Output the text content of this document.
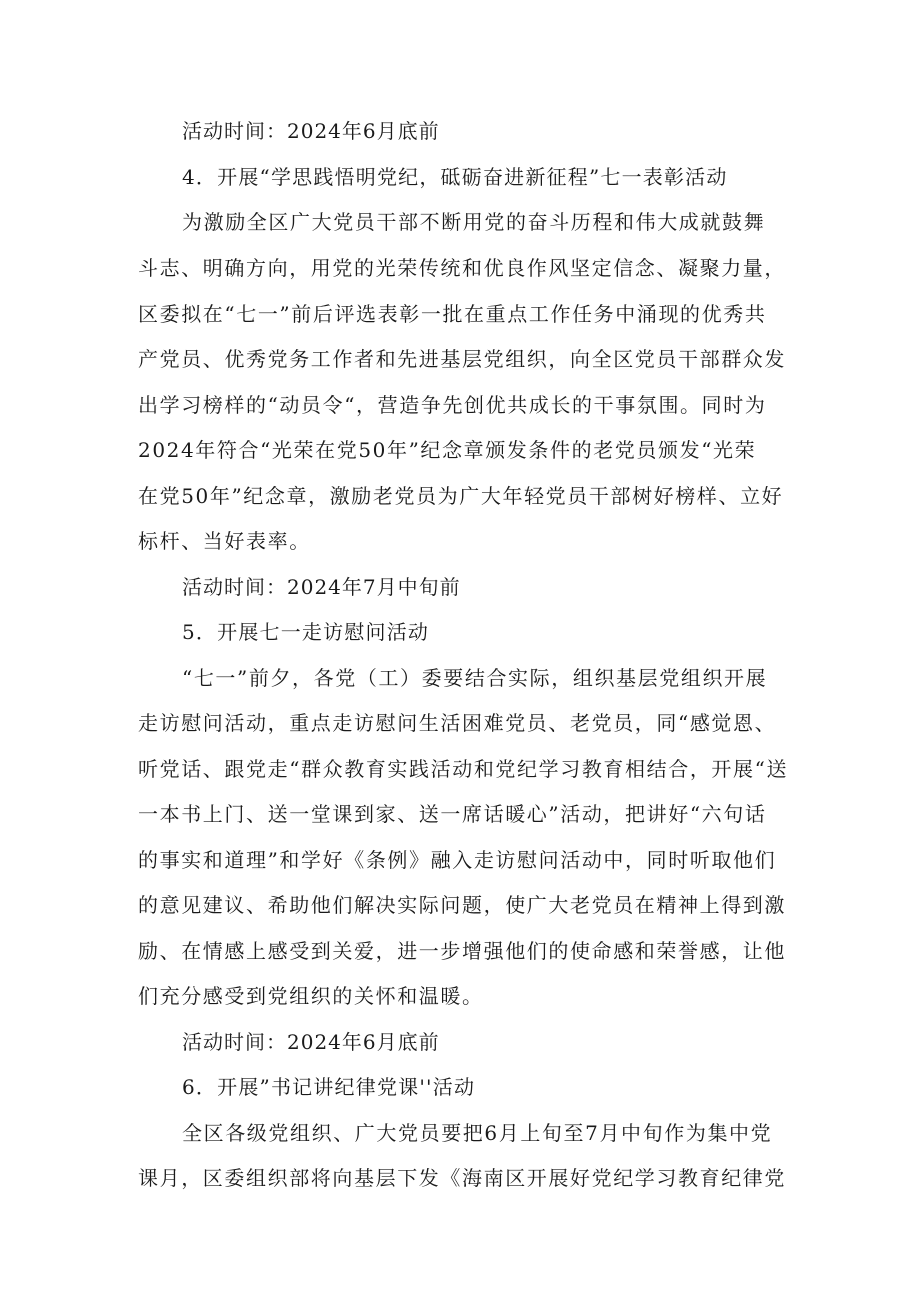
活动时间：2024年6月底前
4．开展“学思践悟明党纪，砥砺奋进新征程”七一表彰活动
为激励全区广大党员干部不断用党的奋斗历程和伟大成就鼓舞
斗志、明确方向，用党的光荣传统和优良作风坚定信念、凝聚力量，
区委拟在“七一”前后评选表彰一批在重点工作任务中涌现的优秀共
产党员、优秀党务工作者和先进基层党组织，向全区党员干部群众发
出学习榜样的“动员令“，营造争先创优共成长的干事氛围。同时为
2024年符合“光荣在党50年”纪念章颁发条件的老党员颁发“光荣
在党50年”纪念章，激励老党员为广大年轻党员干部树好榜样、立好
标杆、当好表率。
活动时间：2024年7月中旬前
5．开展七一走访慰问活动
“七一”前夕，各党（工）委要结合实际，组织基层党组织开展
走访慰问活动，重点走访慰问生活困难党员、老党员，同“感觉恩、
听党话、跟党走“群众教育实践活动和党纪学习教育相结合，开展“送
一本书上门、送一堂课到家、送一席话暖心”活动，把讲好“六句话
的事实和道理”和学好《条例》融入走访慰问活动中，同时听取他们
的意见建议、希助他们解决实际问题，使广大老党员在精神上得到激
励、在情感上感受到关爱，进一步增强他们的使命感和荣誉感，让他
们充分感受到党组织的关怀和温暖。
活动时间：2024年6月底前
6．开展”书记讲纪律党课''活动
全区各级党组织、广大党员要把6月上旬至7月中旬作为集中党
课月，区委组织部将向基层下发《海南区开展好党纪学习教育纪律党
